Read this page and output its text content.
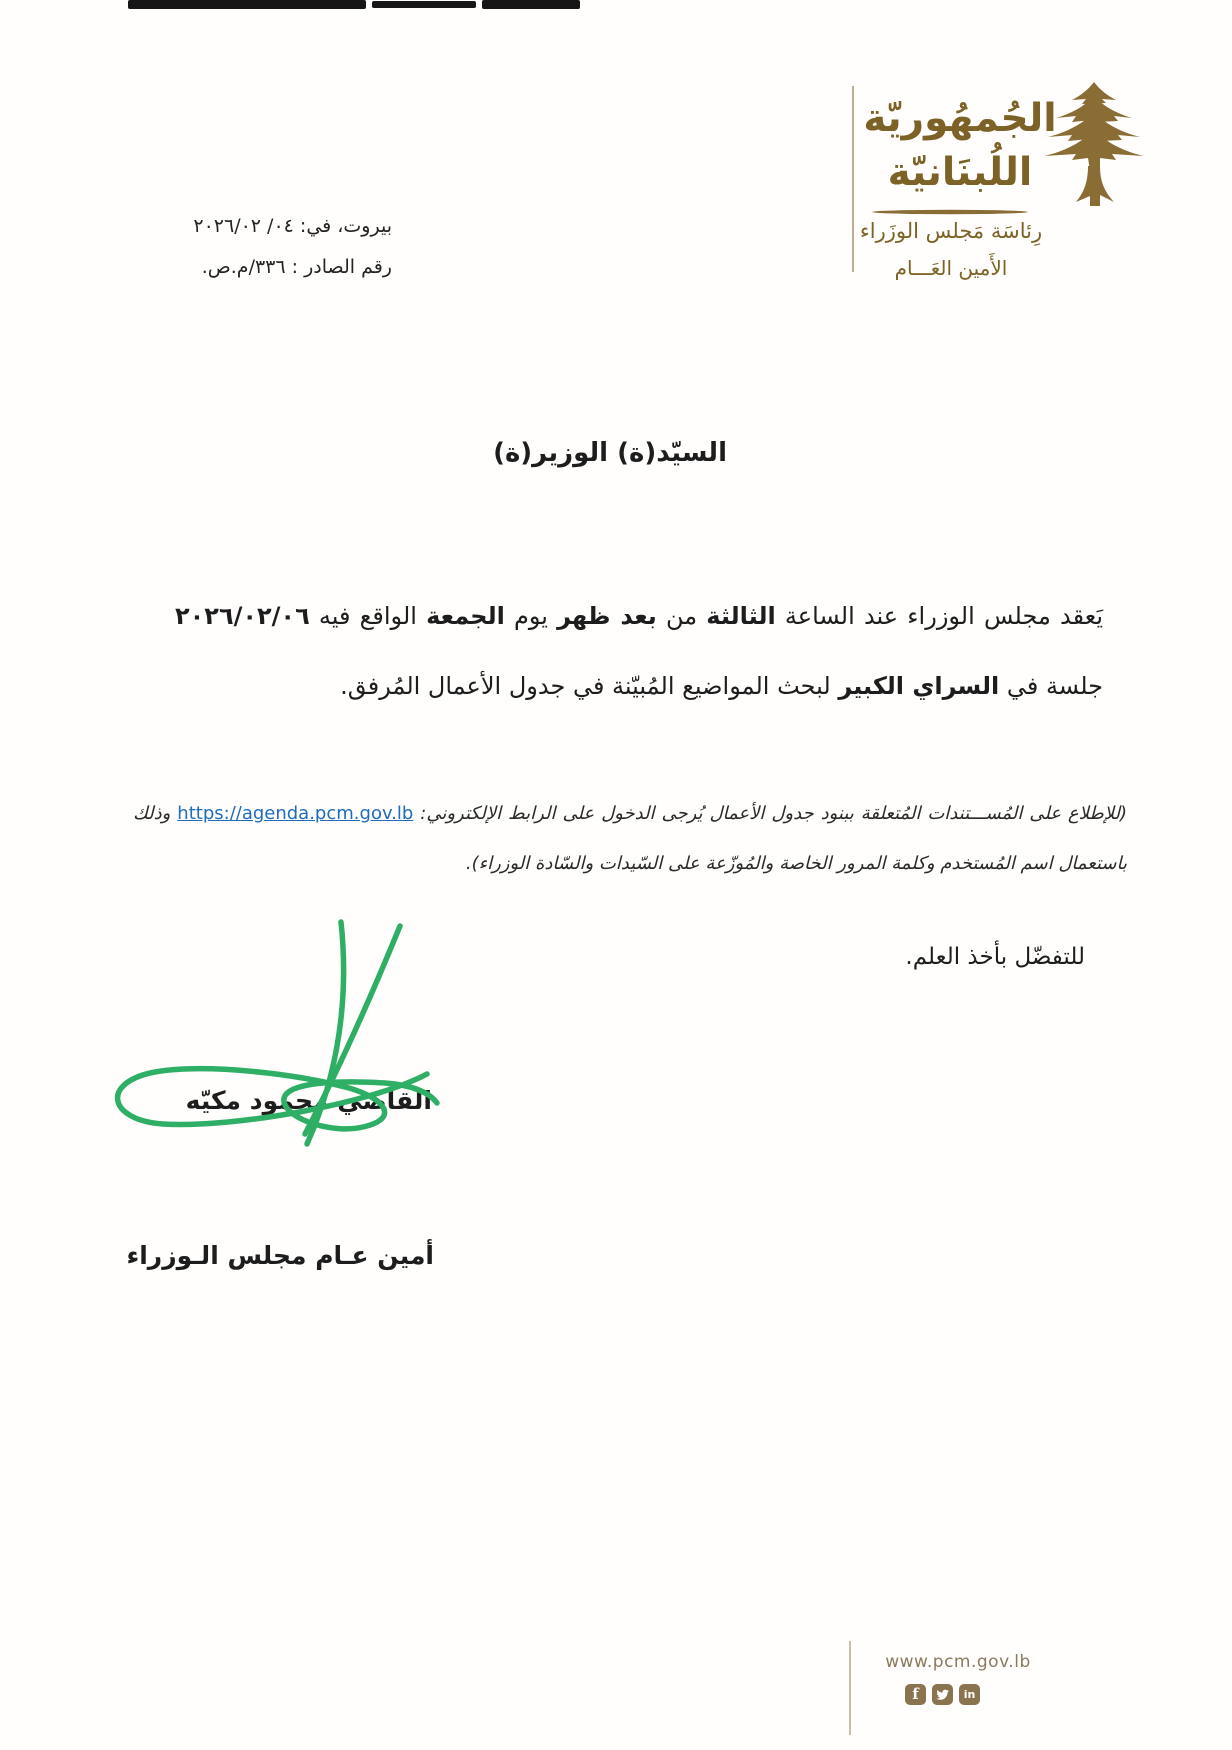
الجُمهُوريّة
اللُبنَانيّة
رِئاسَة مَجلس الوزَراء
الأَمين العَـــام
بيروت، في: ٠٤/ ٢٠٢٦/٠٢
رقم الصادر : ٣٣٦/م.ص.
السيّد(ة) الوزير(ة)
يَعقد مجلس الوزراء عند الساعة الثالثة من بعد ظهر يوم الجمعة الواقع فيه ٢٠٢٦/٠٢/٠٦
جلسة في السراي الكبير لبحث المواضيع المُبيّنة في جدول الأعمال المُرفق.
(للإطلاع على المُســـتندات المُتعلقة ببنود جدول الأعمال يُرجى الدخول على الرابط الإلكتروني: https://agenda.pcm.gov.lb وذلك
باستعمال اسم المُستخدم وكلمة المرور الخاصة والمُوزّعة على السّيدات والسّادة الوزراء).
للتفضّل بأخذ العلم.
القاضي محمود مكيّه
أمين عـام مجلس الـوزراء
www.pcm.gov.lb
f	in
